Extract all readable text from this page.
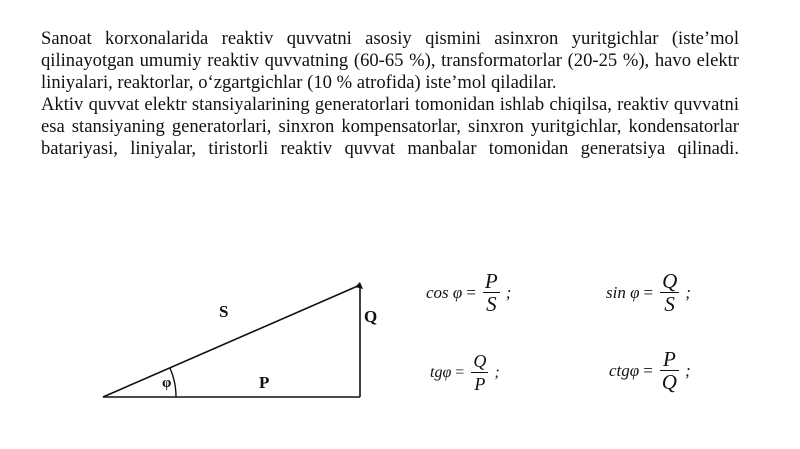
Sanoat korxonalarida reaktiv quvvatni asosiy qismini asinxron yuritgichlar (iste’mol qilinayotgan umumiy reaktiv quvvatning (60-65 %), transformatorlar (20-25 %), havo elektr liniyalari, reaktorlar, o‘zgartgichlar (10 % atrofida) iste’mol qiladilar.

Aktiv quvvat elektr stansiyalarining generatorlari tomonidan ishlab chiqilsa, reaktiv quvvatni esa stansiyaning generatorlari, sinxron kompensatorlar, sinxron yuritgichlar, kondensatorlar batariyasi, liniyalar, tiristorli reaktiv quvvat manbalar tomonidan generatsiya qilinadi.

S	Q
P
φ
$\cos \varphi = \frac{P}{S}$ ;	$\sin \varphi = \frac{Q}{S}$ ;
$tg\varphi = \frac{Q}{P}$ ;	$ctg\varphi = \frac{P}{Q}$ ;
